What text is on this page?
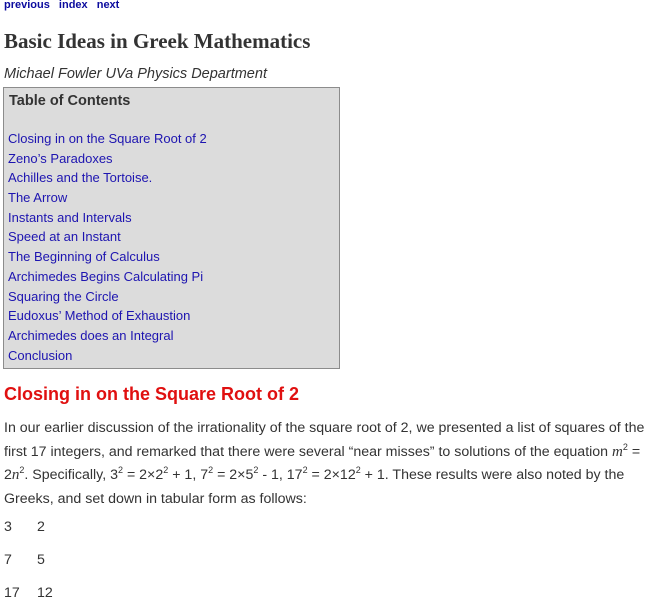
previous index next
Basic Ideas in Greek Mathematics
Michael Fowler UVa Physics Department
Table of Contents
Closing in on the Square Root of 2
Zeno’s Paradoxes
Achilles and the Tortoise.
The Arrow
Instants and Intervals
Speed at an Instant
The Beginning of Calculus
Archimedes Begins Calculating Pi
Squaring the Circle
Eudoxus’ Method of Exhaustion
Archimedes does an Integral
Conclusion
Closing in on the Square Root of 2

In our earlier discussion of the irrationality of the square root of 2, we presented a list of squares of the first 17 integers, and remarked that there were several “near misses” to solutions of the equation $m^2 = 2n^2$. Specifically, $3^2 = 2\times 2^2 + 1$, $7^2 = 2\times 5^2 - 1$, $17^2 = 2\times 12^2 + 1$. These results were also noted by the Greeks, and set down in tabular form as follows:

3 2
7 5
17 12
